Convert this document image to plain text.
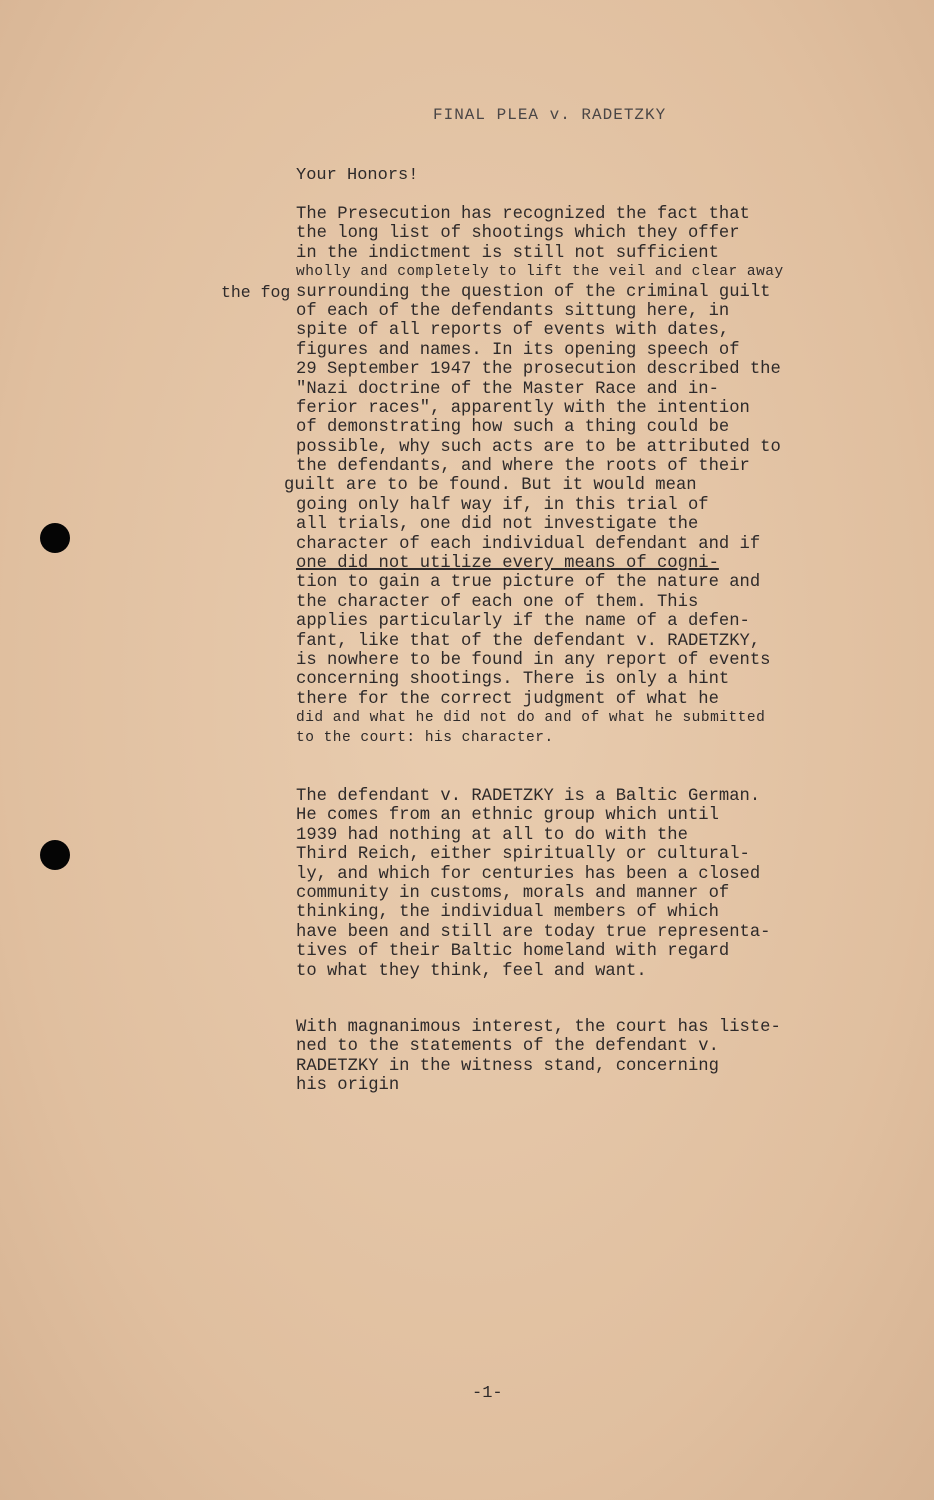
FINAL PLEA v. RADETZKY
Your Honors!
the fog
The Presecution has recognized the fact that
the long list of shootings which they offer
in the indictment is still not sufficient
wholly and completely to lift the veil and clear away
surrounding the question of the criminal guilt
of each of the defendants sittung here, in
spite of all reports of events with dates,
figures and names. In its opening speech of
29 September 1947 the prosecution described the
"Nazi doctrine of the Master Race and in-
ferior races", apparently with the intention
of demonstrating how such a thing could be
possible, why such acts are to be attributed to
the defendants, and where the roots of their
guilt are to be found. But it would mean
going only half way if, in this trial of
all trials, one did not investigate the
character of each individual defendant and if
one did not utilize every means of cogni-
tion to gain a true picture of the nature and
the character of each one of them. This
applies particularly if the name of a defen-
fant, like that of the defendant v. RADETZKY,
is nowhere to be found in any report of events
concerning shootings. There is only a hint
there for the correct judgment of what he
did and what he did not do and of what he submitted
to the court: his character.
The defendant v. RADETZKY is a Baltic German.
He comes from an ethnic group which until
1939 had nothing at all to do with the
Third Reich, either spiritually or cultural-
ly, and which for centuries has been a closed
community in customs, morals and manner of
thinking, the individual members of which
have been and still are today true representa-
tives of their Baltic homeland with regard
to what they think, feel and want.
With magnanimous interest, the court has liste-
ned to the statements of the defendant v.
RADETZKY in the witness stand, concerning
his origin
-1-
